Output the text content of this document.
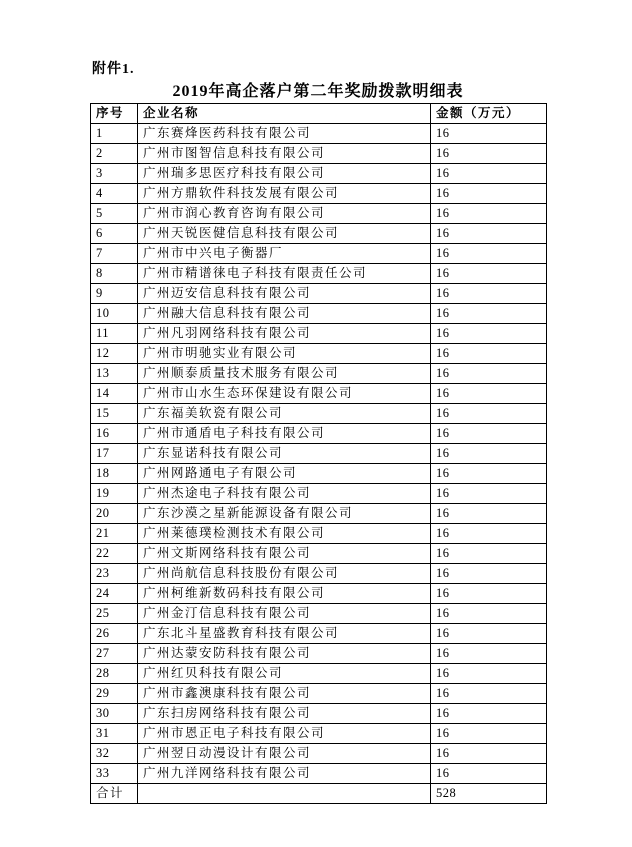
附件1.
2019年高企落户第二年奖励拨款明细表
序号	企业名称	金额（万元）
1	广东赛烽医药科技有限公司	16
2	广州市图智信息科技有限公司	16
3	广州瑞多思医疗科技有限公司	16
4	广州方鼎软件科技发展有限公司	16
5	广州市润心教育咨询有限公司	16
6	广州天锐医健信息科技有限公司	16
7	广州市中兴电子衡器厂	16
8	广州市精谱徕电子科技有限责任公司	16
9	广州迈安信息科技有限公司	16
10	广州融大信息科技有限公司	16
11	广州凡羽网络科技有限公司	16
12	广州市明驰实业有限公司	16
13	广州顺泰质量技术服务有限公司	16
14	广州市山水生态环保建设有限公司	16
15	广东福美软瓷有限公司	16
16	广州市通盾电子科技有限公司	16
17	广东显诺科技有限公司	16
18	广州网路通电子有限公司	16
19	广州杰途电子科技有限公司	16
20	广东沙漠之星新能源设备有限公司	16
21	广州莱德璞检测技术有限公司	16
22	广州文斯网络科技有限公司	16
23	广州尚航信息科技股份有限公司	16
24	广州柯维新数码科技有限公司	16
25	广州金汀信息科技有限公司	16
26	广东北斗星盛教育科技有限公司	16
27	广州达蒙安防科技有限公司	16
28	广州红贝科技有限公司	16
29	广州市鑫澳康科技有限公司	16
30	广东扫房网络科技有限公司	16
31	广州市恩正电子科技有限公司	16
32	广州翌日动漫设计有限公司	16
33	广州九洋网络科技有限公司	16
合计		528
